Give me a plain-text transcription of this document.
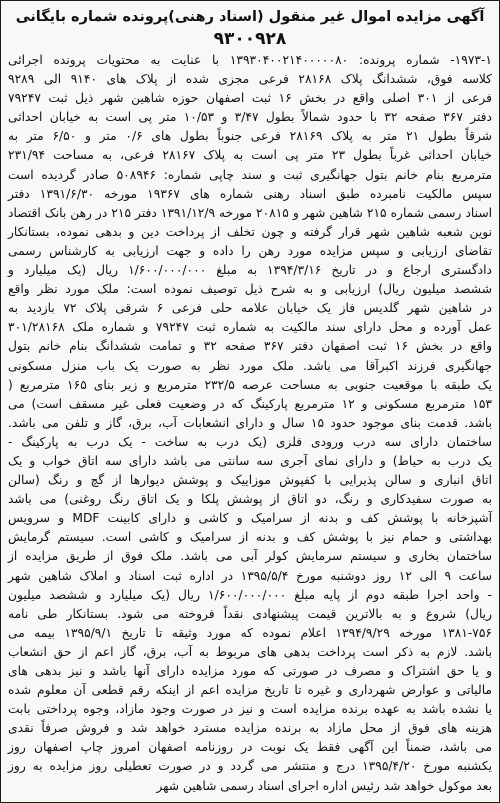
آگهی مزایده اموال غیر منقول (اسناد رهنی)پرونده شماره بایگانی
۹۳۰۰۹۲۸
۱۹۷۳-۱- شماره پرونده: ۱۳۹۳۰۴۰۰۲۱۴۰۰۰۰۰۸۰ با عنایت به محتویات پرونده اجرائی
کلاسه فوق، ششدانگ پلاک ۲۸۱۶۸ فرعی مجزی شده از پلاک های ۹۱۴۰ الی ۹۲۸۹
فرعی از ۳۰۱ اصلی واقع در بخش ۱۶ ثبت اصفهان حوزه شاهین شهر ذیل ثبت ۷۹۲۴۷
دفتر ۳۶۷ صفحه ۳۲ با حدود شمالاً بطول ۳/۴۷ و ۱۰/۵۳ متر پی است به خیابان احداثی
شرقاً بطول ۲۱ متر به پلاک ۲۸۱۶۹ فرعی جنوباً بطول های ۰/۶ متر و ۶/۵۰ متر به
خیابان احداثی غرباً بطول ۲۳ متر پی است به پلاک ۲۸۱۶۷ فرعی، به مساحت ۲۳۱/۹۴
مترمربع بنام خانم بتول جهانگیری ثبت و سند چاپی شماره: ۵۰۸۹۴۶ صادر گردیده است
سپس مالکیت نامبرده طبق اسناد رهنی شماره های ۱۹۳۶۷ مورخه ۱۳۹۱/۶/۳۰ دفتر
اسناد رسمی شماره ۲۱۵ شاهین شهر و ۲۰۸۱۵ مورخه ۱۳۹۱/۱۲/۹ دفتر ۲۱۵ در رهن بانک اقتصاد
نوین شعبه شاهین شهر قرار گرفته و چون تخلف از پرداخت دین و بدهی نموده، بستانکار
تقاضای ارزیابی و سپس مزایده مورد رهن را داده و جهت ارزیابی به کارشناس رسمی
دادگستری ارجاع و در تاریخ ۱۳۹۴/۳/۱۶ به مبلغ ۱/۶۰۰/۰۰۰/۰۰۰ ریال (یک میلیارد و
ششصد میلیون ریال) ارزیابی و به شرح ذیل توصیف نموده است: ملک مورد نظر واقع
در شاهین شهر گلدیس فاز یک خیابان علامه حلی فرعی ۶ شرقی پلاک ۷۲ بازدید به
عمل آورده و محل دارای سند مالکیت به شماره ثبت ۷۹۲۴۷ و شماره ملک ۳۰۱/۲۸۱۶۸
واقع در بخش ۱۶ ثبت اصفهان دفتر ۳۶۷ صفحه ۳۲ و تمامت ششدانگ بنام خانم بتول
جهانگیری فرزند اکبرآقا می باشد. ملک مورد نظر به صورت یک باب منزل مسکونی
یک طبقه با موقعیت جنوبی به مساحت عرصه ۲۳۲/۵ مترمربع و زیر بنای ۱۶۵ مترمربع (
۱۵۳ مترمربع مسکونی و ۱۲ مترمربع پارکینگ که در وضعیت فعلی غیر مسقف است) می
باشد. قدمت بنای موجود حدود ۱۵ سال و دارای انشعابات آب، برق، گاز و تلفن می باشد.
ساختمان دارای سه درب ورودی فلزی (یک درب به ساخت - یک درب به پارکینگ -
یک درب به حیاط) و دارای نمای آجری سه سانتی می باشد دارای سه اتاق خواب و یک
اتاق انباری و سالن پذیرایی با کفپوش موزاییک و پوشش دیوارها از گچ و رنگ (سالن
به صورت سفیدکاری و رنگ، دو اتاق از پوشش پلکا و یک اتاق رنگ روغنی) می باشد
آشپزخانه با پوشش کف و بدنه از سرامیک و کاشی و دارای کابینت MDF و سرویس
بهداشتی و حمام نیز با پوشش کف و بدنه از سرامیک و کاشی است. سیستم گرمایش
ساختمان بخاری و سیستم سرمایش کولر آبی می باشد. ملک فوق از طریق مزایده از
ساعت ۹ الی ۱۲ روز دوشنبه مورخ ۱۳۹۵/۵/۴ در اداره ثبت اسناد و املاک شاهین شهر
- واحد اجرا طبقه دوم از پایه مبلغ ۱/۶۰۰/۰۰۰/۰۰۰ ریال (یک میلیارد و ششصد میلیون
ریال) شروع و به بالاترین قیمت پیشنهادی نقداً فروخته می شود. بستانکار طی نامه
۱۳۸۱-۷۵۶ مورخه ۱۳۹۴/۹/۲۹ اعلام نموده که مورد وثیقه تا تاریخ ۱۳۹۵/۹/۱ بیمه می
باشد. لازم به ذکر است پرداخت بدهی های مربوط به آب، برق، گاز اعم از حق انشعاب
و یا حق اشتراک و مصرف در صورتی که مورد مزایده دارای آنها باشد و نیز بدهی های
مالیاتی و عوارض شهرداری و غیره تا تاریخ مزایده اعم از اینکه رقم قطعی آن معلوم شده
یا نشده باشد به عهده برنده مزایده است و نیز در صورت وجود مازاد، وجوه پرداختی بابت
هزینه های فوق از محل مازاد به برنده مزایده مسترد خواهد شد و فروش صرفاً نقدی
می باشد، ضمناً این آگهی فقط یک نوبت در روزنامه اصفهان امروز چاپ اصفهان روز
یکشنبه مورخ ۱۳۹۵/۴/۲۰ درج و منتشر می گردد و در صورت تعطیلی روز مزایده به روز
بعد موکول خواهد شد رئیس اداره اجرای اسناد رسمی شاهین شهر
